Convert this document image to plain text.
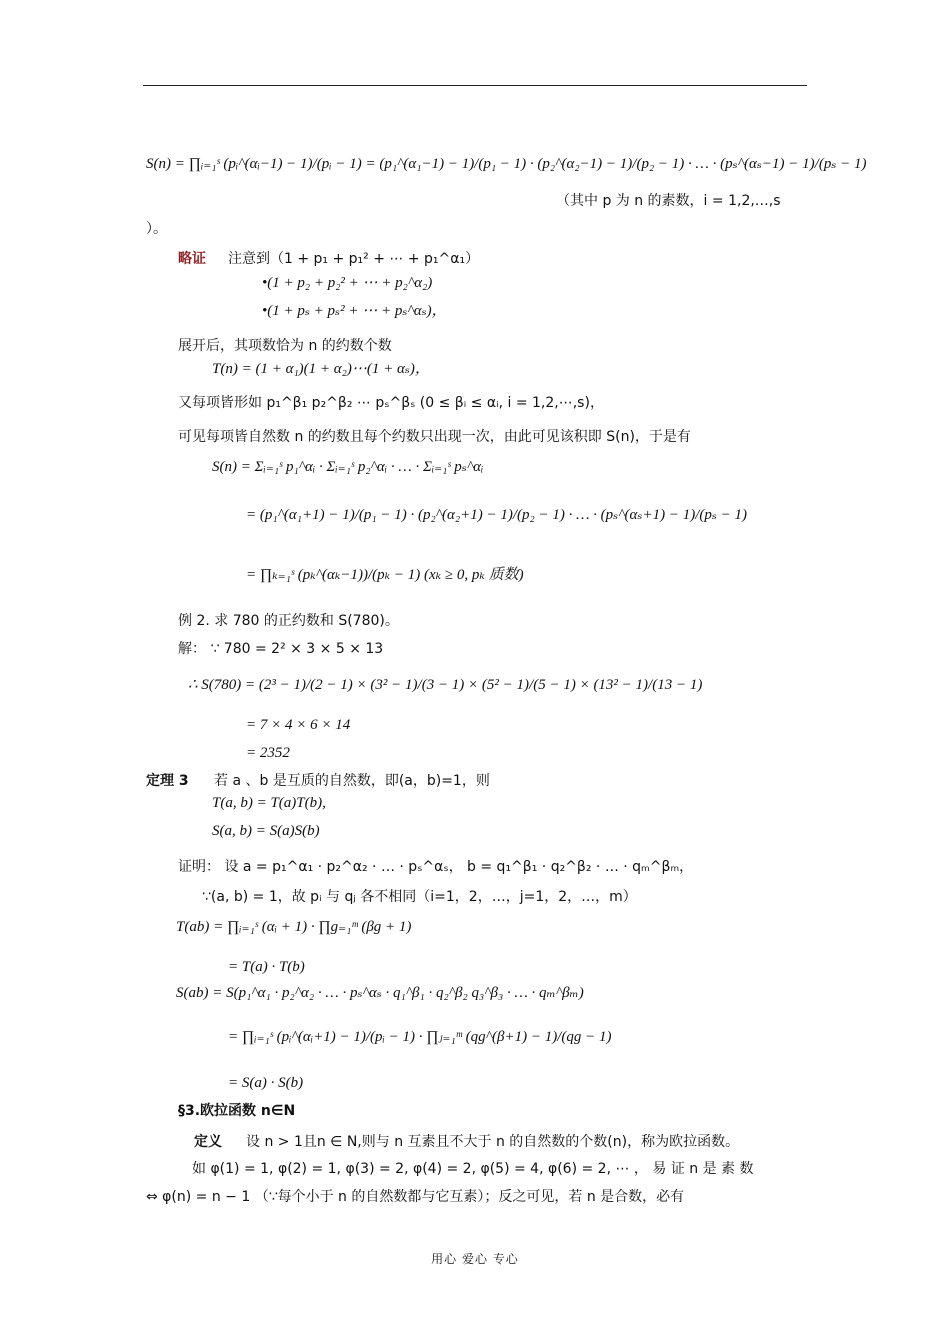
S(n) = ∏ᵢ₌₁ˢ (pᵢ^(αᵢ−1) − 1)/(pᵢ − 1) = (p₁^(α₁−1) − 1)/(p₁ − 1) · (p₂^(α₂−1) − 1)/(p₂ − 1) · … · (pₛ^(αₛ−1) − 1)/(pₛ − 1)
（其中 p 为 n 的素数，i = 1,2,…,s
）。
略证 注意到（1 + p₁ + p₁² + ⋯ + p₁^α₁）
•(1 + p₂ + p₂² + ⋯ + p₂^α₂)
•(1 + pₛ + pₛ² + ⋯ + pₛ^αₛ)，
展开后，其项数恰为 n 的约数个数
T(n) = (1 + α₁)(1 + α₂)⋯(1 + αₛ)，
又每项皆形如 p₁^β₁ p₂^β₂ ⋯ pₛ^βₛ (0 ≤ βᵢ ≤ αᵢ, i = 1,2,⋯,s)，
可见每项皆自然数 n 的约数且每个约数只出现一次，由此可见该积即 S(n)，于是有
S(n) = Σᵢ₌₁ˢ p₁^αᵢ · Σᵢ₌₁ˢ p₂^αᵢ · … · Σᵢ₌₁ˢ pₛ^αᵢ
= (p₁^(α₁+1) − 1)/(p₁ − 1) · (p₂^(α₂+1) − 1)/(p₂ − 1) · … · (pₛ^(αₛ+1) − 1)/(pₛ − 1)
= ∏ₖ₌₁ˢ (pₖ^(αₖ−1))/(pₖ − 1) (xₖ ≥ 0, pₖ 质数)
例 2. 求 780 的正约数和 S(780)。
解： ∵ 780 = 2² × 3 × 5 × 13
∴ S(780) = (2³ − 1)/(2 − 1) × (3² − 1)/(3 − 1) × (5² − 1)/(5 − 1) × (13² − 1)/(13 − 1)
= 7 × 4 × 6 × 14
= 2352
定理 3 若 a 、b 是互质的自然数，即(a，b)=1，则
T(a, b) = T(a)T(b),
S(a, b) = S(a)S(b)
证明： 设 a = p₁^α₁ · p₂^α₂ · … · pₛ^αₛ， b = q₁^β₁ · q₂^β₂ · … · qₘ^βₘ，
∵(a, b) = 1，故 pᵢ 与 qⱼ 各不相同（i=1，2，…，j=1，2，…，m）
T(ab) = ∏ᵢ₌₁ˢ (αᵢ + 1) · ∏g₌₁ᵐ (βg + 1)
= T(a) · T(b)
S(ab) = S(p₁^α₁ · p₂^α₂ · … · pₛ^αₛ · q₁^β₁ · q₂^β₂ q₃^β₃ · … · qₘ^βₘ)
= ∏ᵢ₌₁ˢ (pᵢ^(αᵢ+1) − 1)/(pᵢ − 1) · ∏ⱼ₌₁ᵐ (qg^(β+1) − 1)/(qg − 1)
= S(a) · S(b)
§3.欧拉函数 n∈N
定义 设 n > 1且n ∈ N,则与 n 互素且不大于 n 的自然数的个数(n)，称为欧拉函数。
如 φ(1) = 1, φ(2) = 1, φ(3) = 2, φ(4) = 2, φ(5) = 4, φ(6) = 2, ⋯ ， 易 证 n 是 素 数
⇔ φ(n) = n − 1 （∵每个小于 n 的自然数都与它互素）；反之可见，若 n 是合数，必有
用心 爱心 专心
